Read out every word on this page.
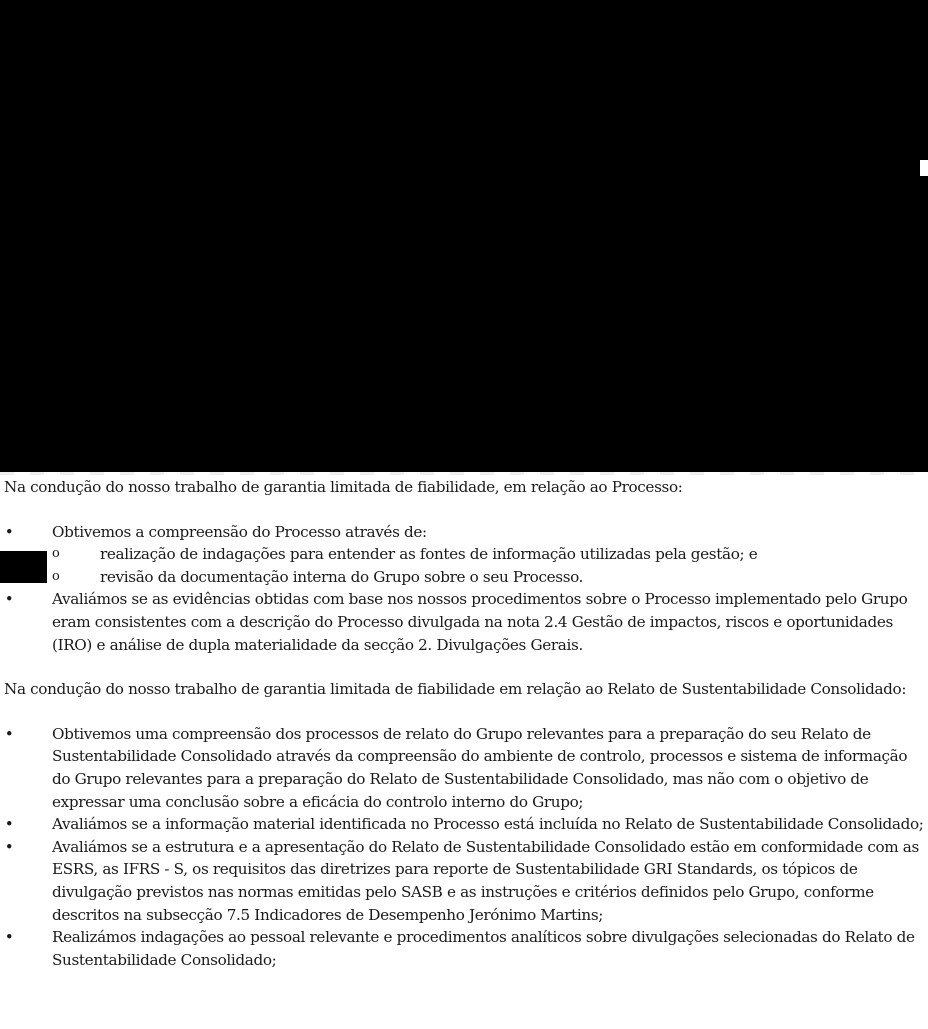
Na condução do nosso trabalho de garantia limitada de fiabilidade, em relação ao Processo:

•	Obtivemos a compreensão do Processo através de:
o	realização de indagações para entender as fontes de informação utilizadas pela gestão; e
o	revisão da documentação interna do Grupo sobre o seu Processo.
•	Avaliámos se as evidências obtidas com base nos nossos procedimentos sobre o Processo implementado pelo Grupo eram consistentes com a descrição do Processo divulgada na nota 2.4 Gestão de impactos, riscos e oportunidades (IRO) e análise de dupla materialidade da secção 2. Divulgações Gerais.

Na condução do nosso trabalho de garantia limitada de fiabilidade em relação ao Relato de Sustentabilidade Consolidado:

•	Obtivemos uma compreensão dos processos de relato do Grupo relevantes para a preparação do seu Relato de Sustentabilidade Consolidado através da compreensão do ambiente de controlo, processos e sistema de informação do Grupo relevantes para a preparação do Relato de Sustentabilidade Consolidado, mas não com o objetivo de expressar uma conclusão sobre a eficácia do controlo interno do Grupo;
•	Avaliámos se a informação material identificada no Processo está incluída no Relato de Sustentabilidade Consolidado;
•	Avaliámos se a estrutura e a apresentação do Relato de Sustentabilidade Consolidado estão em conformidade com as ESRS, as IFRS - S, os requisitos das diretrizes para reporte de Sustentabilidade GRI Standards, os tópicos de divulgação previstos nas normas emitidas pelo SASB e as instruções e critérios definidos pelo Grupo, conforme descritos na subsecção 7.5 Indicadores de Desempenho Jerónimo Martins;
•	Realizámos indagações ao pessoal relevante e procedimentos analíticos sobre divulgações selecionadas do Relato de Sustentabilidade Consolidado;
